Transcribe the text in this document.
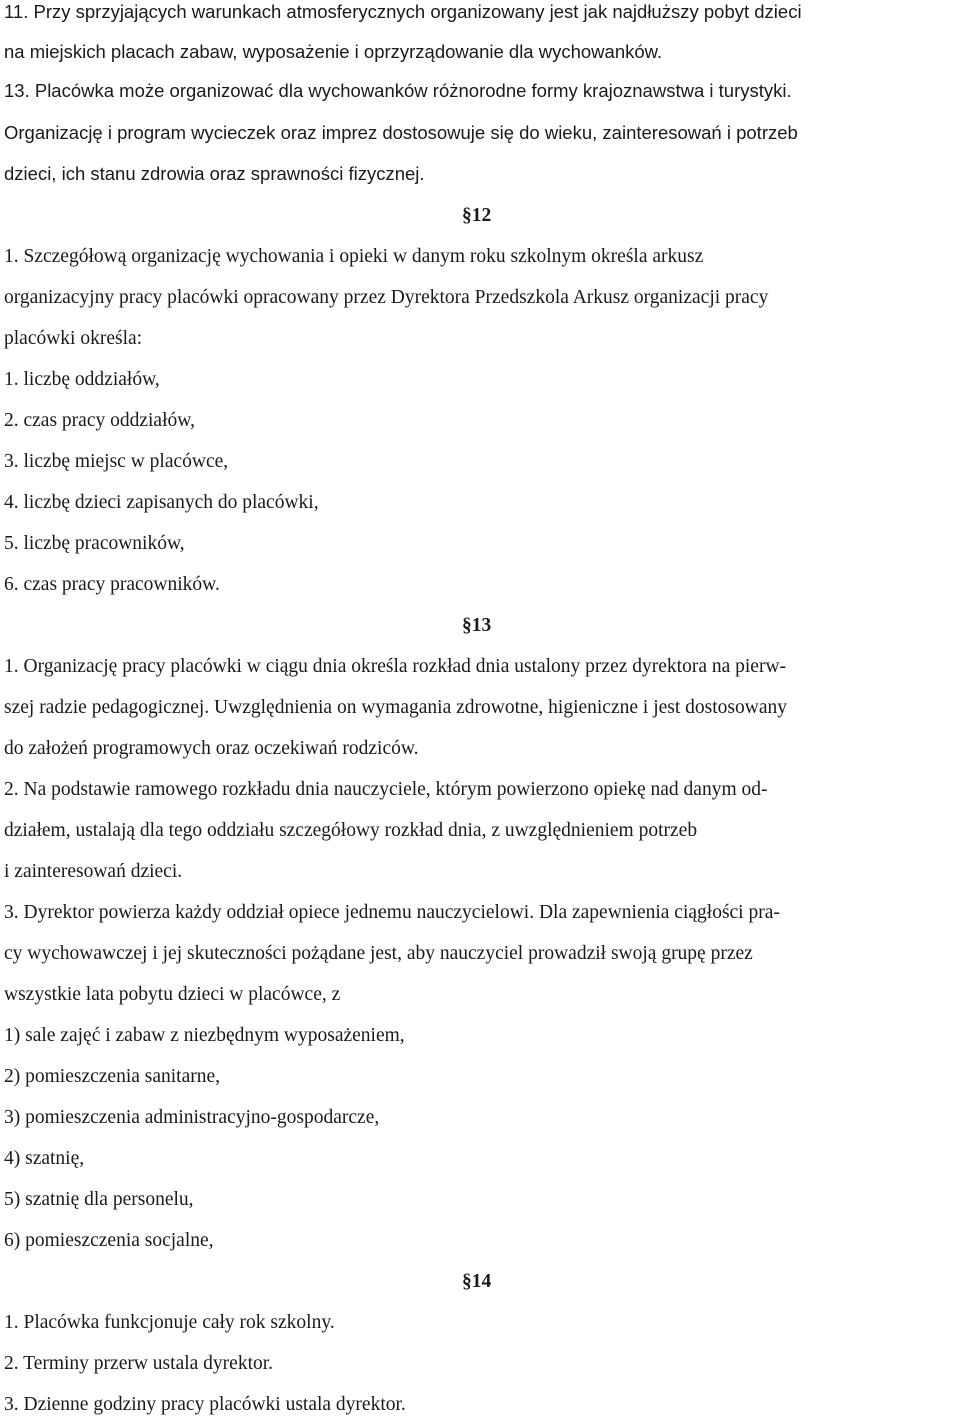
11. Przy sprzyjających warunkach atmosferycznych organizowany jest jak najdłuższy pobyt dzieci
na miejskich placach zabaw, wyposażenie i oprzyrządowanie dla wychowanków.
13. Placówka może organizować dla wychowanków różnorodne formy krajoznawstwa i turystyki.
Organizację i program wycieczek oraz imprez dostosowuje się do wieku, zainteresowań i potrzeb
dzieci, ich stanu zdrowia oraz sprawności fizycznej.
§12
1. Szczegółową organizację wychowania i opieki w danym roku szkolnym określa arkusz
organizacyjny pracy placówki opracowany przez Dyrektora Przedszkola Arkusz organizacji pracy
placówki określa:
1. liczbę oddziałów,
2. czas pracy oddziałów,
3. liczbę miejsc w placówce,
4. liczbę dzieci zapisanych do placówki,
5. liczbę pracowników,
6. czas pracy pracowników.
§13
1. Organizację pracy placówki w ciągu dnia określa rozkład dnia ustalony przez dyrektora na pierw-
szej radzie pedagogicznej. Uwzględnienia on wymagania zdrowotne, higieniczne i jest dostosowany
do założeń programowych oraz oczekiwań rodziców.
2. Na podstawie ramowego rozkładu dnia nauczyciele, którym powierzono opiekę nad danym od-
działem, ustalają dla tego oddziału szczegółowy rozkład dnia, z uwzględnieniem potrzeb
i zainteresowań dzieci.
3. Dyrektor powierza każdy oddział opiece jednemu nauczycielowi. Dla zapewnienia ciągłości pra-
cy wychowawczej i jej skuteczności pożądane jest, aby nauczyciel prowadził swoją grupę przez
wszystkie lata pobytu dzieci w placówce, z
1) sale zajęć i zabaw z niezbędnym wyposażeniem,
2) pomieszczenia sanitarne,
3) pomieszczenia administracyjno-gospodarcze,
4) szatnię,
5) szatnię dla personelu,
6) pomieszczenia socjalne,
§14
1. Placówka funkcjonuje cały rok szkolny.
2. Terminy przerw ustala dyrektor.
3. Dzienne godziny pracy placówki ustala dyrektor.
